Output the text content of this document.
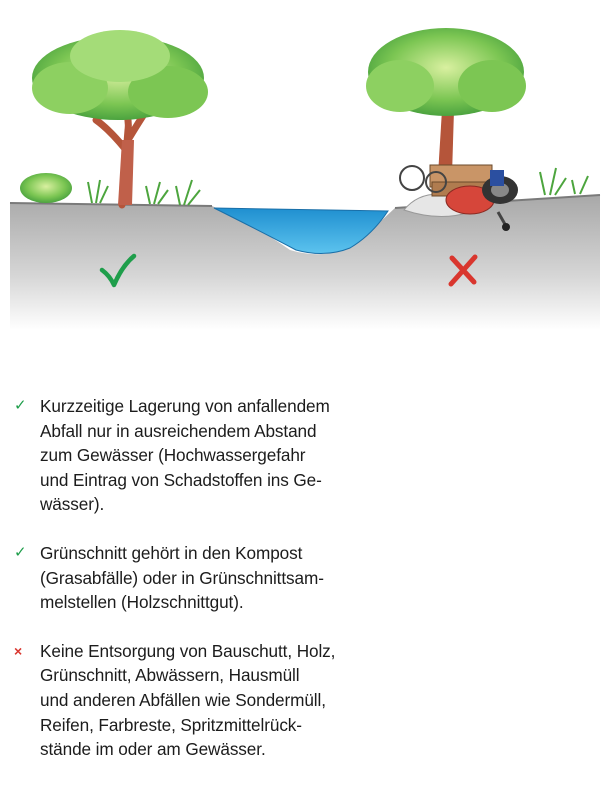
✓ Kurzzeitige Lagerung von anfallendem
Abfall nur in ausreichendem Abstand
zum Gewässer (Hochwassergefahr
und Eintrag von Schadstoffen ins Ge-
wässer).
✓ Grünschnitt gehört in den Kompost
(Grasabfälle) oder in Grünschnittsam-
melstellen (Holzschnittgut).
× Keine Entsorgung von Bauschutt, Holz,
Grünschnitt, Abwässern, Hausmüll
und anderen Abfällen wie Sondermüll,
Reifen, Farbreste, Spritzmittelrück-
stände im oder am Gewässer.
